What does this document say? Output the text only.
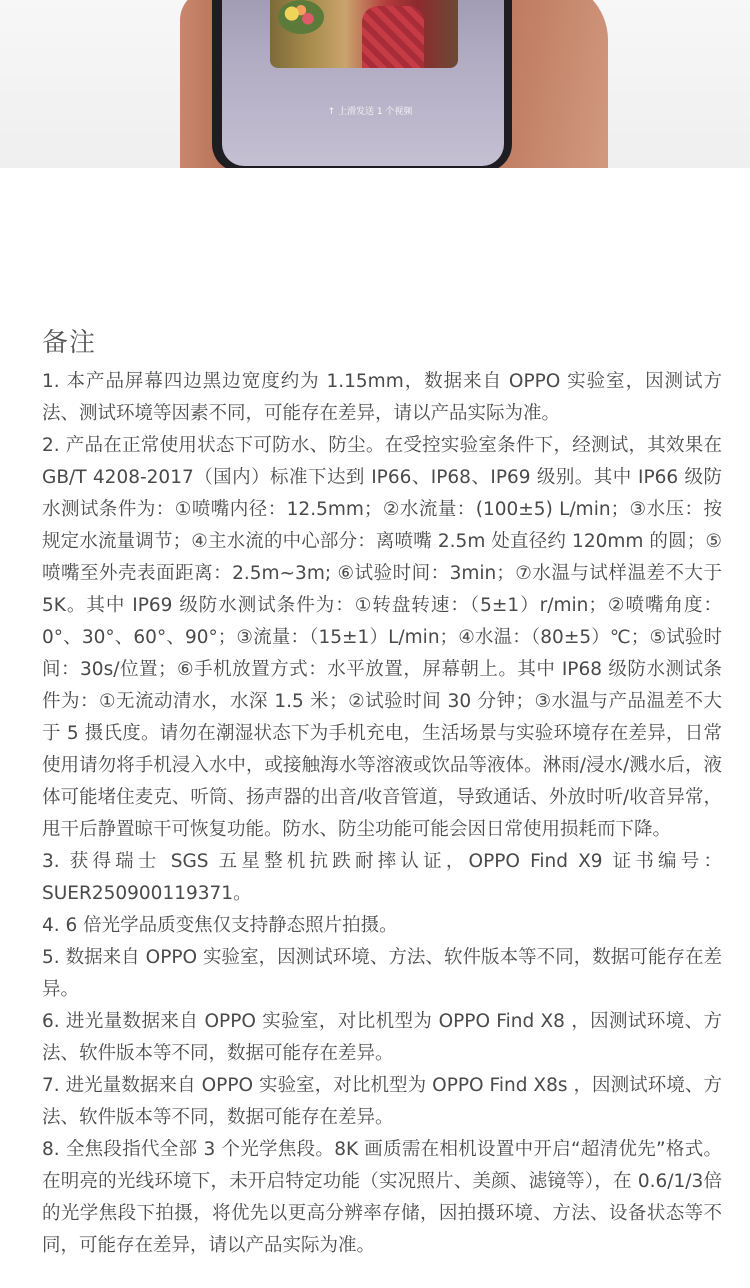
↑ 上滑发送 1 个视频
备注

1. 本产品屏幕四边黑边宽度约为 1.15mm，数据来自 OPPO 实验室，因测试方法、测试环境等因素不同，可能存在差异，请以产品实际为准。

2. 产品在正常使用状态下可防水、防尘。在受控实验室条件下，经测试，其效果在 GB/T 4208-2017（国内）标准下达到 IP66、IP68、IP69 级别。其中 IP66 级防水测试条件为：①喷嘴内径：12.5mm；②水流量：(100±5) L/min；③水压：按规定水流量调节；④主水流的中心部分：离喷嘴 2.5m 处直径约 120mm 的圆；⑤喷嘴至外壳表面距离：2.5m~3m; ⑥试验时间：3min；⑦水温与试样温差不大于 5K。其中 IP69 级防水测试条件为：①转盘转速：（5±1）r/min；②喷嘴角度：0°、30°、60°、90°；③流量：（15±1）L/min；④水温：（80±5）℃；⑤试验时间：30s/位置；⑥手机放置方式：水平放置，屏幕朝上。其中 IP68 级防水测试条件为：①无流动清水，水深 1.5 米；②试验时间 30 分钟；③水温与产品温差不大于 5 摄氏度。请勿在潮湿状态下为手机充电，生活场景与实验环境存在差异，日常使用请勿将手机浸入水中，或接触海水等溶液或饮品等液体。淋雨/浸水/溅水后，液体可能堵住麦克、听筒、扬声器的出音/收音管道，导致通话、外放时听/收音异常，甩干后静置晾干可恢复功能。防水、防尘功能可能会因日常使用损耗而下降。

3. 获得瑞士 SGS 五星整机抗跌耐摔认证，OPPO Find X9 证书编号：SUER250900119371。

4. 6 倍光学品质变焦仅支持静态照片拍摄。

5. 数据来自 OPPO 实验室，因测试环境、方法、软件版本等不同，数据可能存在差异。

6. 进光量数据来自 OPPO 实验室，对比机型为 OPPO Find X8 ，因测试环境、方法、软件版本等不同，数据可能存在差异。

7. 进光量数据来自 OPPO 实验室，对比机型为 OPPO Find X8s ，因测试环境、方法、软件版本等不同，数据可能存在差异。

8. 全焦段指代全部 3 个光学焦段。8K 画质需在相机设置中开启“超清优先”格式。在明亮的光线环境下，未开启特定功能（实况照片、美颜、滤镜等），在 0.6/1/3倍的光学焦段下拍摄，将优先以更高分辨率存储，因拍摄环境、方法、设备状态等不同，可能存在差异，请以产品实际为准。
